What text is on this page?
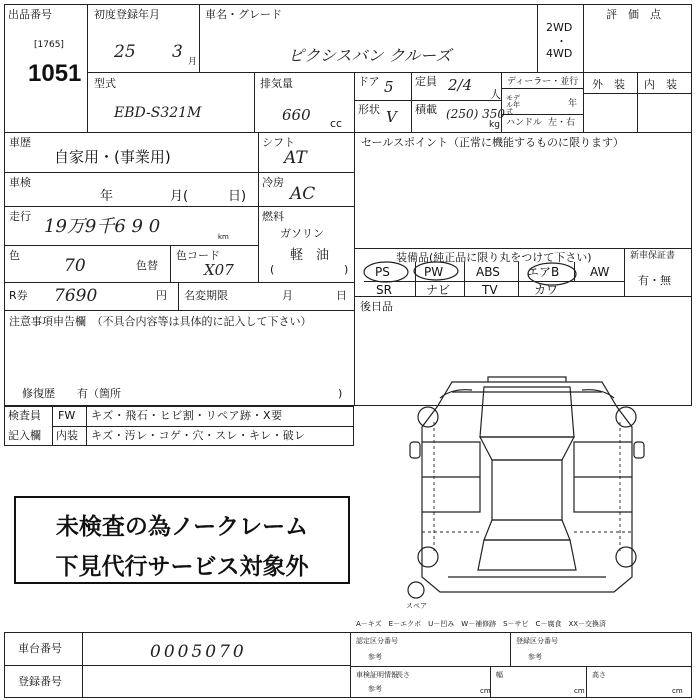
出品番号
[1765]
1051
初度登録年月
25 3 月
車名・グレード
ピクシスバン クルーズ
2WD
・
4WD
評　価　点
型式
EBD-S321M
排気量
660 cc
ドア 5 定員 2/4
人
形状 V 積載 (250) 350
kg
ディーラー・並行
モデル年式
年
ハンドル 左・右
外　装 内　装
車歴
自家用・(事業用)
シフト
AT
セールスポイント（正常に機能するものに限ります）
車検
年	月(	日)
冷房
AC
走行 19万9千6 9 0	km
燃料
ガソリン
軽　油
(	)
色
70	色替
色コード
X07
R券 7690	円 名変期限	月	日
注意事項申告欄　（不具合内容等は具体的に記入して下さい）
修復歴　　有（箇所	)
装備品(純正品に限り丸をつけて下さい)
PS	PW	ABS エアB	AW
SR	ナビ	TV	カワ
新車保証書
有・無
後日品
検査員
記入欄
FW キズ・飛石・ヒビ割・リペア跡・X要
内装 キズ・汚レ・コゲ・穴・スレ・キレ・破レ
未検査の為ノークレーム
下見代行サービス対象外
スペア
A－キズ　E－エクボ　U－凹み　W－補修跡　S－サビ　C－腐食　XX－交換済
車台番号	0005070
登録番号
認定区分番号
参考
登録区分番号
参考
車検証明情報
参考
長さ
cm
幅
cm
高さ
cm
